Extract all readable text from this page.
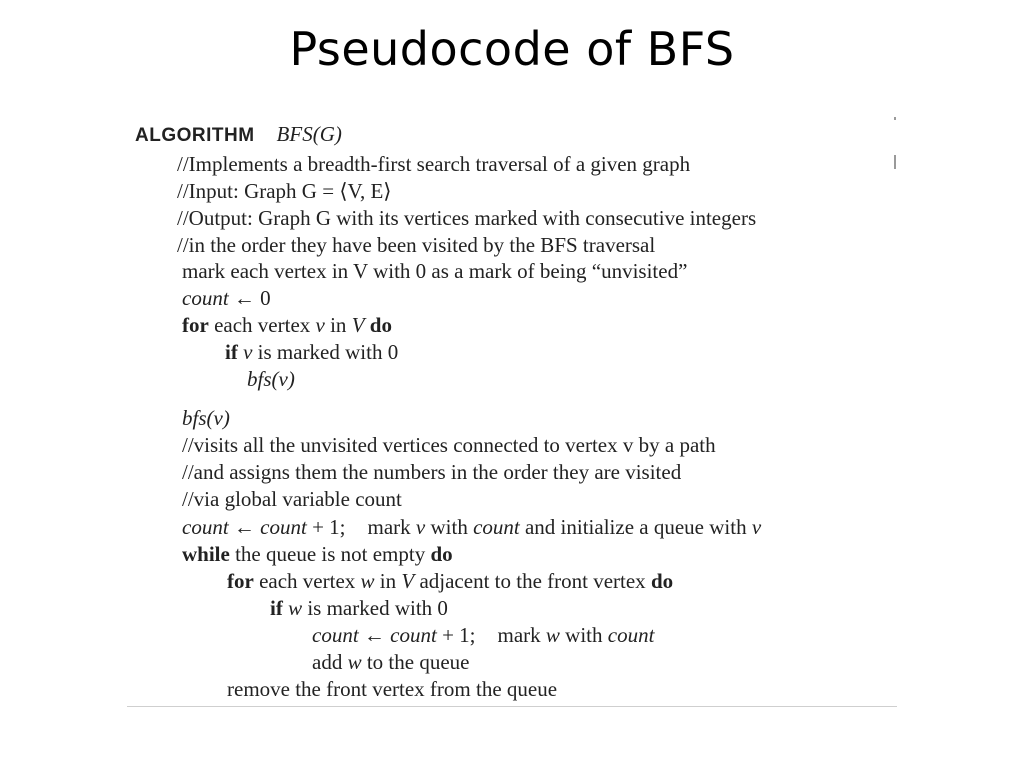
Pseudocode of BFS
ALGORITHM BFS(G)
//Implements a breadth-first search traversal of a given graph
//Input: Graph G = ⟨V, E⟩
//Output: Graph G with its vertices marked with consecutive integers
//in the order they have been visited by the BFS traversal
mark each vertex in V with 0 as a mark of being “unvisited”
count ← 0
for each vertex v in V do
if v is marked with 0
bfs(v)
bfs(v)
//visits all the unvisited vertices connected to vertex v by a path
//and assigns them the numbers in the order they are visited
//via global variable count
count ← count + 1; mark v with count and initialize a queue with v
while the queue is not empty do
for each vertex w in V adjacent to the front vertex do
if w is marked with 0
count ← count + 1; mark w with count
add w to the queue
remove the front vertex from the queue
